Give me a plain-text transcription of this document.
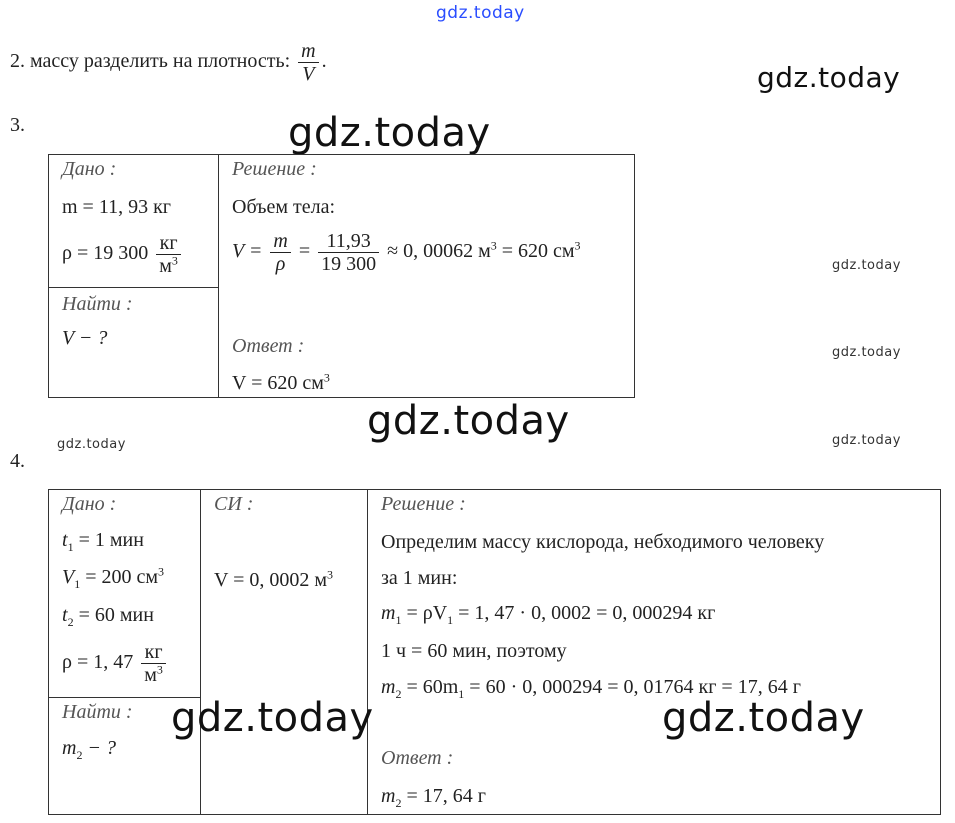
gdz.today
2. массу разделить на плотность: $\frac{m}{V}$ .	gdz.today
3.	gdz.today
Дано :
m = 11, 93 кг
ρ = 19 $300 \frac{кг}{м^3}$
Найти :
V − ?
Решение :
Объем тела:
$V = \frac{m}{\rho} = \frac{11,93}{19 300} \approx 0$, 00062 $м^3 = 620$ $см^3$
Ответ :
V = 620 $см^3$
gdz.today
gdz.today
gdz.today
gdz.today	gdz.today
4.
Дано :
$t_1 = 1$ мин
$V_1 = 200$ $см^3$
$t_2 = 60$ мин
ρ = 1, $47 \frac{кг}{м^3}$
Найти :
$m_2$ − ?
СИ :
V = 0, 0002 $м^3$
Решение :
Определим массу кислорода, небходимого человеку
за 1 мин:
$m_1 = \rho V_1 = 1$, 47 · 0, 0002 = 0, 000294 кг
1 ч = 60 мин, поэтому
$m_2 = 60m_1 = 60 \cdot 0$, 000294 = 0, 01764 кг = 17, 64 г
Ответ :
$m_2 = 17$, 64 г
gdz.today	gdz.today
